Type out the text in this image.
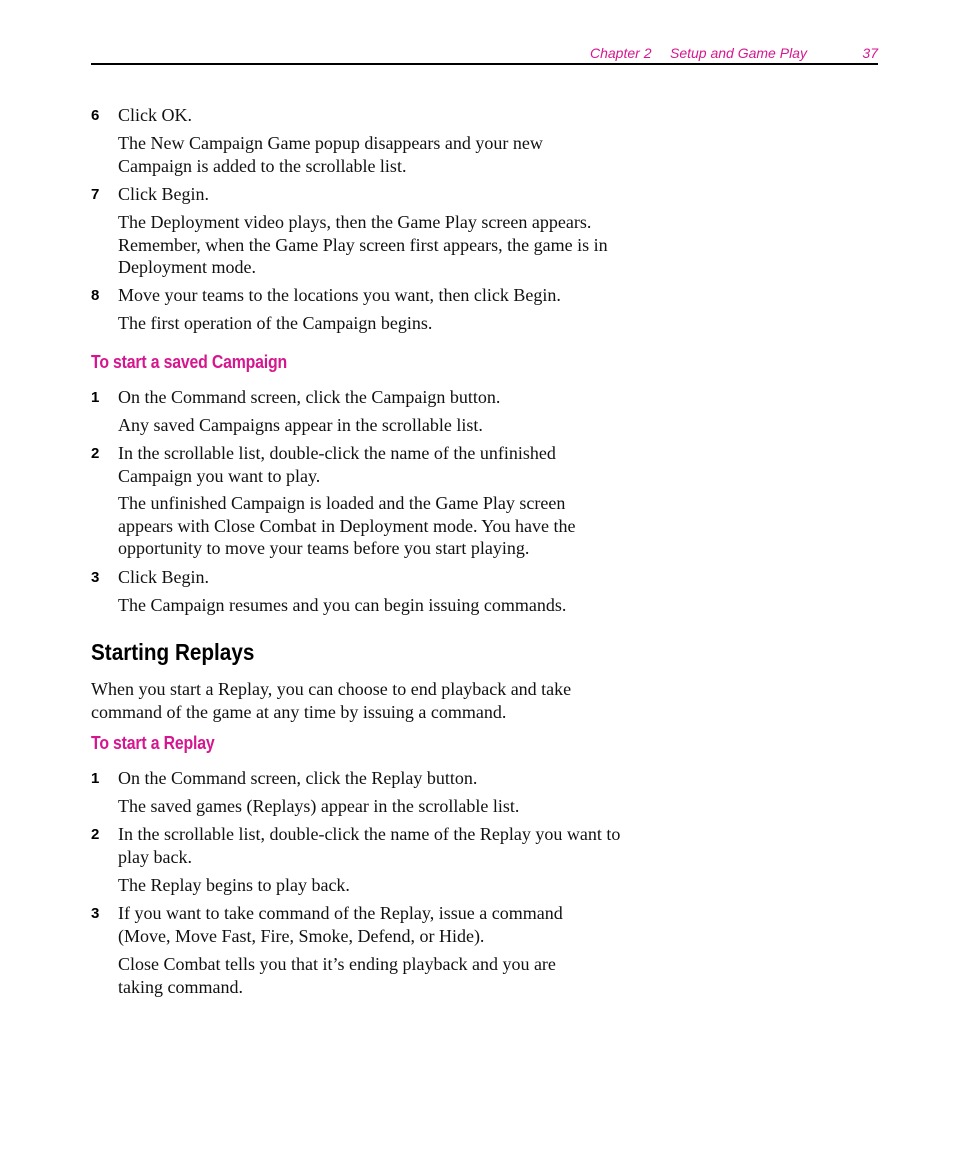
Chapter 2 Setup and Game Play	37
6 Click OK.
The New Campaign Game popup disappears and your new Campaign is added to the scrollable list.
7 Click Begin.
The Deployment video plays, then the Game Play screen appears. Remember, when the Game Play screen first appears, the game is in Deployment mode.
8 Move your teams to the locations you want, then click Begin.
The first operation of the Campaign begins.
To start a saved Campaign
1 On the Command screen, click the Campaign button.
Any saved Campaigns appear in the scrollable list.
2 In the scrollable list, double-click the name of the unfinished Campaign you want to play.
The unfinished Campaign is loaded and the Game Play screen appears with Close Combat in Deployment mode. You have the opportunity to move your teams before you start playing.
3 Click Begin.
The Campaign resumes and you can begin issuing commands.
Starting Replays
When you start a Replay, you can choose to end playback and take command of the game at any time by issuing a command.
To start a Replay
1 On the Command screen, click the Replay button.
The saved games (Replays) appear in the scrollable list.
2 In the scrollable list, double-click the name of the Replay you want to play back.
The Replay begins to play back.
3 If you want to take command of the Replay, issue a command (Move, Move Fast, Fire, Smoke, Defend, or Hide).
Close Combat tells you that it’s ending playback and you are taking command.
